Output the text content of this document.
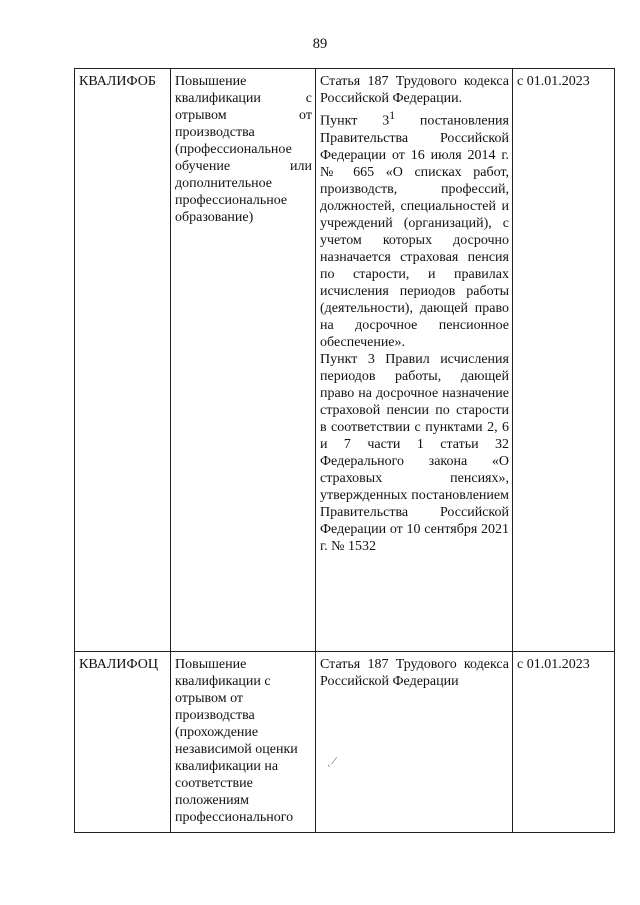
89
КВАЛИФОБ	Повышение квалификации с отрывом от производства (профессиональное обучение или дополнительное профессиональное образование)	Статья 187 Трудового кодекса Российской Федерации.

Пункт $3^1$ постановления Правительства Российской Федерации от 16 июля 2014 г. № 665 «О списках работ, производств, профессий, должностей, специальностей и учреждений (организаций), с учетом которых досрочно назначается страховая пенсия по старости, и правилах исчисления периодов работы (деятельности), дающей право на досрочное пенсионное обеспечение».

Пункт 3 Правил исчисления периодов работы, дающей право на досрочное назначение страховой пенсии по старости в соответствии с пунктами 2, 6 и 7 части 1 статьи 32 Федерального закона «О страховых пенсиях», утвержденных постановлением Правительства Российской Федерации от 10 сентября 2021 г. № 1532	с 01.01.2023
КВАЛИФОЦ	Повышение квалификации с отрывом от производства (прохождение независимой оценки квалификации на соответствие положениям профессионального	Статья 187 Трудового кодекса Российской Федерации	с 01.01.2023
ˎ ⁄
